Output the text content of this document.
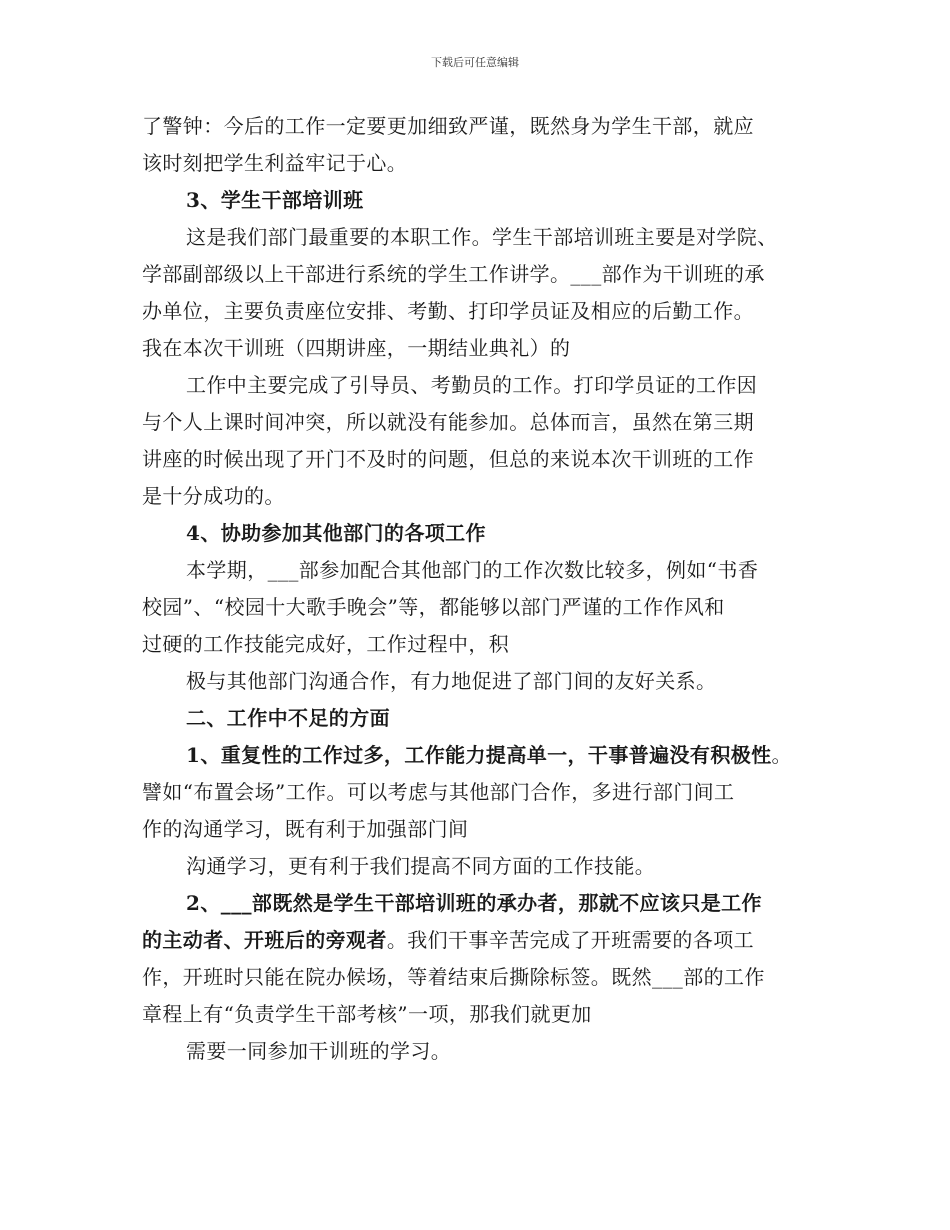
下载后可任意编辑
了警钟：今后的工作一定要更加细致严谨，既然身为学生干部，就应
该时刻把学生利益牢记于心。
3、学生干部培训班
这是我们部门最重要的本职工作。学生干部培训班主要是对学院、
学部副部级以上干部进行系统的学生工作讲学。___部作为干训班的承
办单位，主要负责座位安排、考勤、打印学员证及相应的后勤工作。
我在本次干训班（四期讲座，一期结业典礼）的
工作中主要完成了引导员、考勤员的工作。打印学员证的工作因
与个人上课时间冲突，所以就没有能参加。总体而言，虽然在第三期
讲座的时候出现了开门不及时的问题，但总的来说本次干训班的工作
是十分成功的。
4、协助参加其他部门的各项工作
本学期，___部参加配合其他部门的工作次数比较多，例如“书香
校园”、“校园十大歌手晚会”等，都能够以部门严谨的工作作风和
过硬的工作技能完成好，工作过程中，积
极与其他部门沟通合作，有力地促进了部门间的友好关系。
二、工作中不足的方面
1、重复性的工作过多，工作能力提高单一，干事普遍没有积极性。
譬如“布置会场”工作。可以考虑与其他部门合作，多进行部门间工
作的沟通学习，既有利于加强部门间
沟通学习，更有利于我们提高不同方面的工作技能。
2、___部既然是学生干部培训班的承办者，那就不应该只是工作
的主动者、开班后的旁观者。我们干事辛苦完成了开班需要的各项工
作，开班时只能在院办候场，等着结束后撕除标签。既然___部的工作
章程上有“负责学生干部考核”一项，那我们就更加
需要一同参加干训班的学习。
